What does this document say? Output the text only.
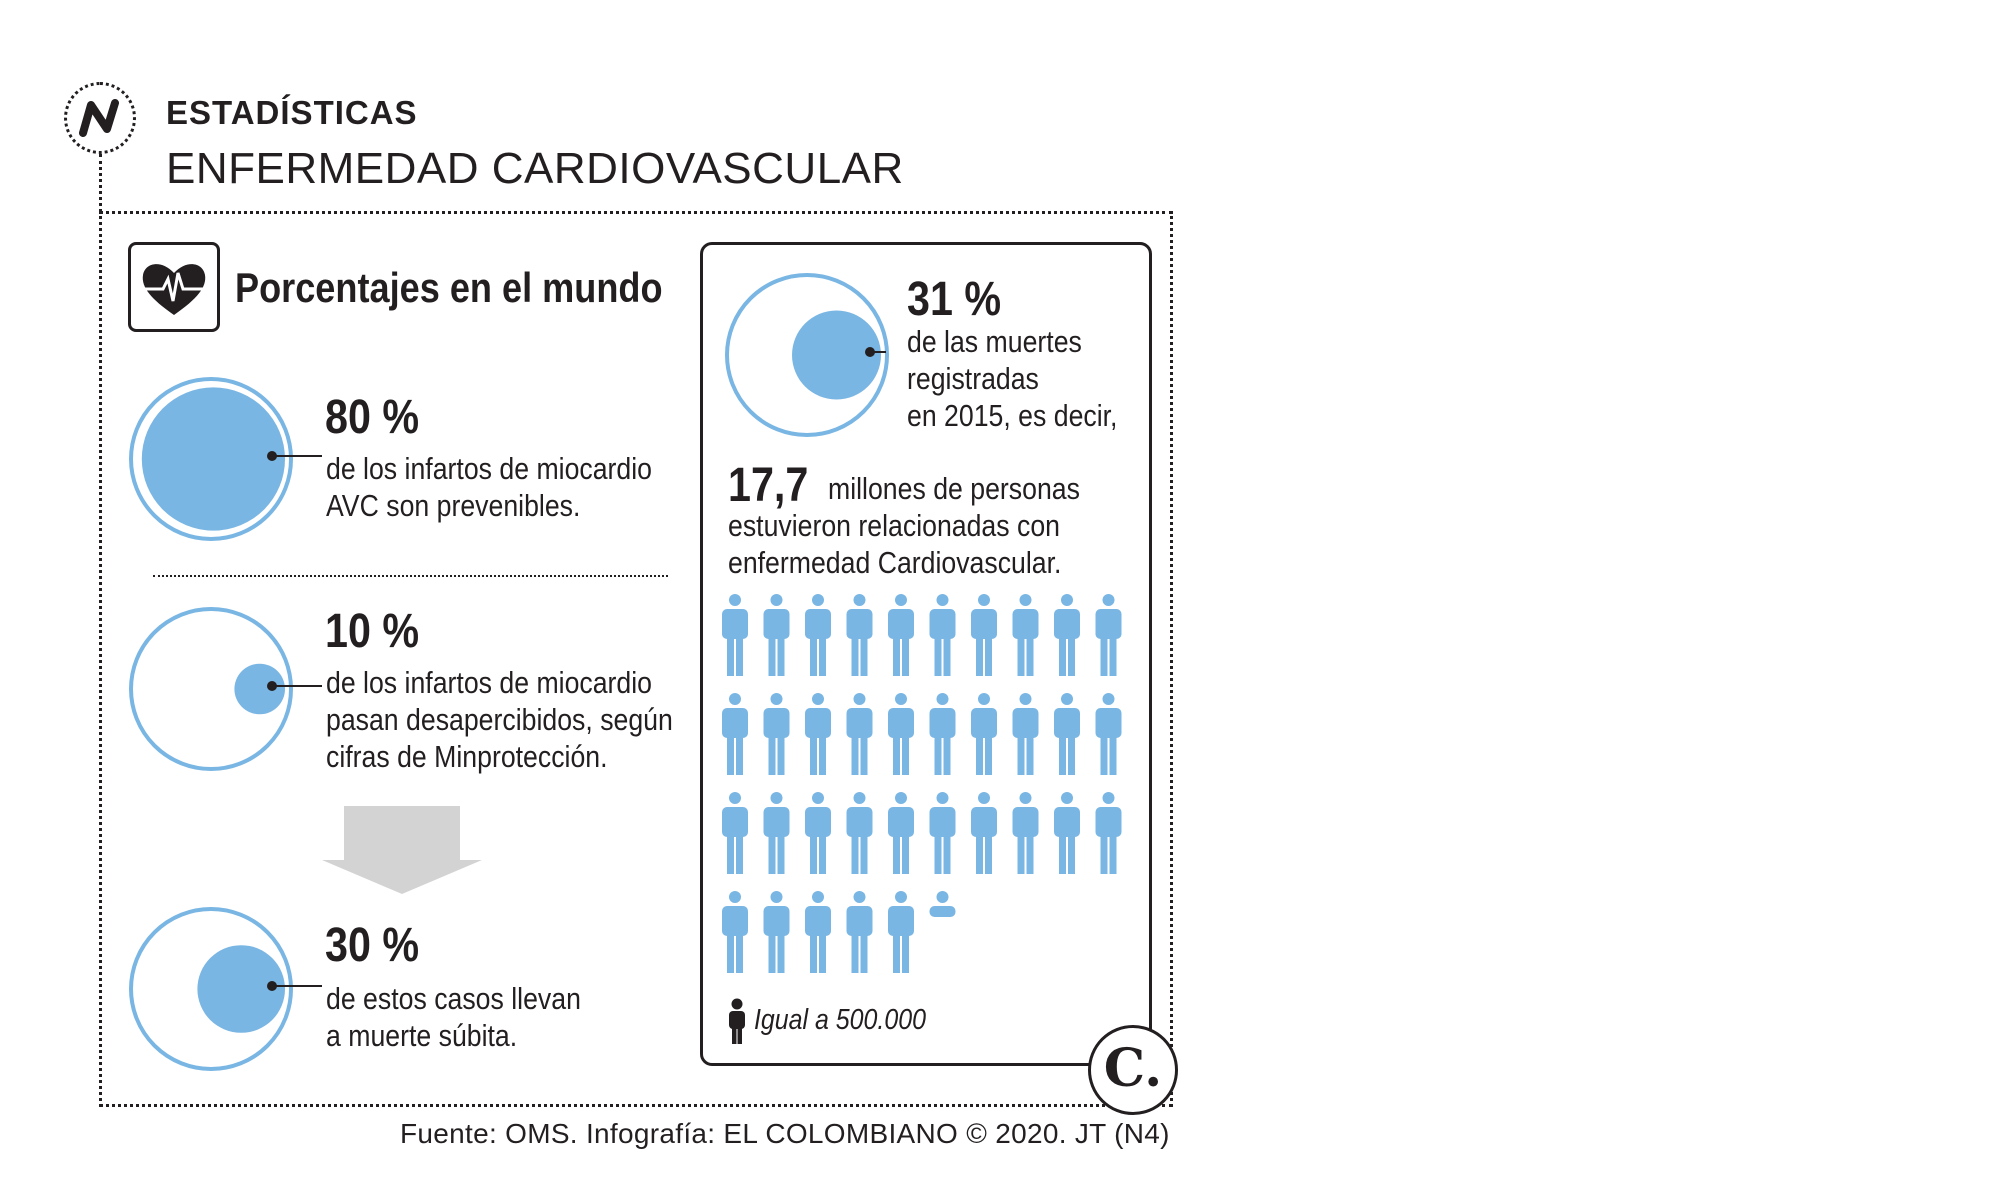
ESTADÍSTICAS
ENFERMEDAD CARDIOVASCULAR
Porcentajes en el mundo
80 %
de los infartos de miocardio
AVC son prevenibles.
10 %
de los infartos de miocardio
pasan desapercibidos, según
cifras de Minprotección.
30 %
de estos casos llevan
a muerte súbita.
31 %
de las muertes
registradas
en 2015, es decir,
17,7 millones de personas
estuvieron relacionadas con
enfermedad Cardiovascular.
Igual a 500.000
C.
Fuente: OMS. Infografía: EL COLOMBIANO © 2020. JT (N4)
